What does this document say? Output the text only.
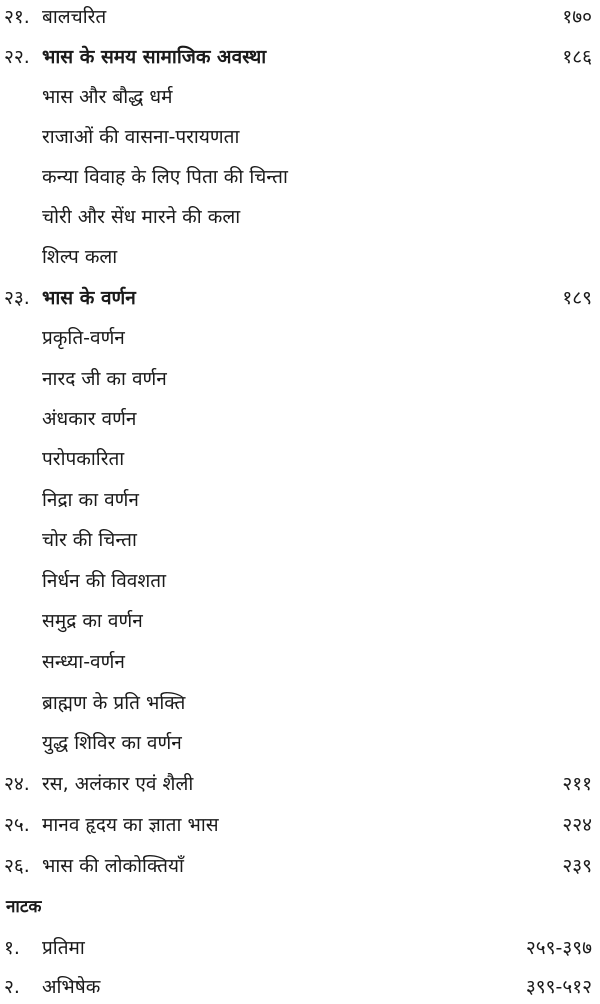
२१. बालचरित	१७०
२२. भास के समय सामाजिक अवस्था	१८६
भास और बौद्ध धर्म
राजाओं की वासना-परायणता
कन्या विवाह के लिए पिता की चिन्ता
चोरी और सेंध मारने की कला
शिल्प कला
२३. भास के वर्णन	१८९
प्रकृति-वर्णन
नारद जी का वर्णन
अंधकार वर्णन
परोपकारिता
निद्रा का वर्णन
चोर की चिन्ता
निर्धन की विवशता
समुद्र का वर्णन
सन्ध्या-वर्णन
ब्राह्मण के प्रति भक्ति
युद्ध शिविर का वर्णन
२४. रस, अलंकार एवं शैली	२११
२५. मानव हृदय का ज्ञाता भास	२२४
२६. भास की लोकोक्तियाँ	२३९
नाटक
१. प्रतिमा	२५९-३९७
२. अभिषेक	३९९-५१२
